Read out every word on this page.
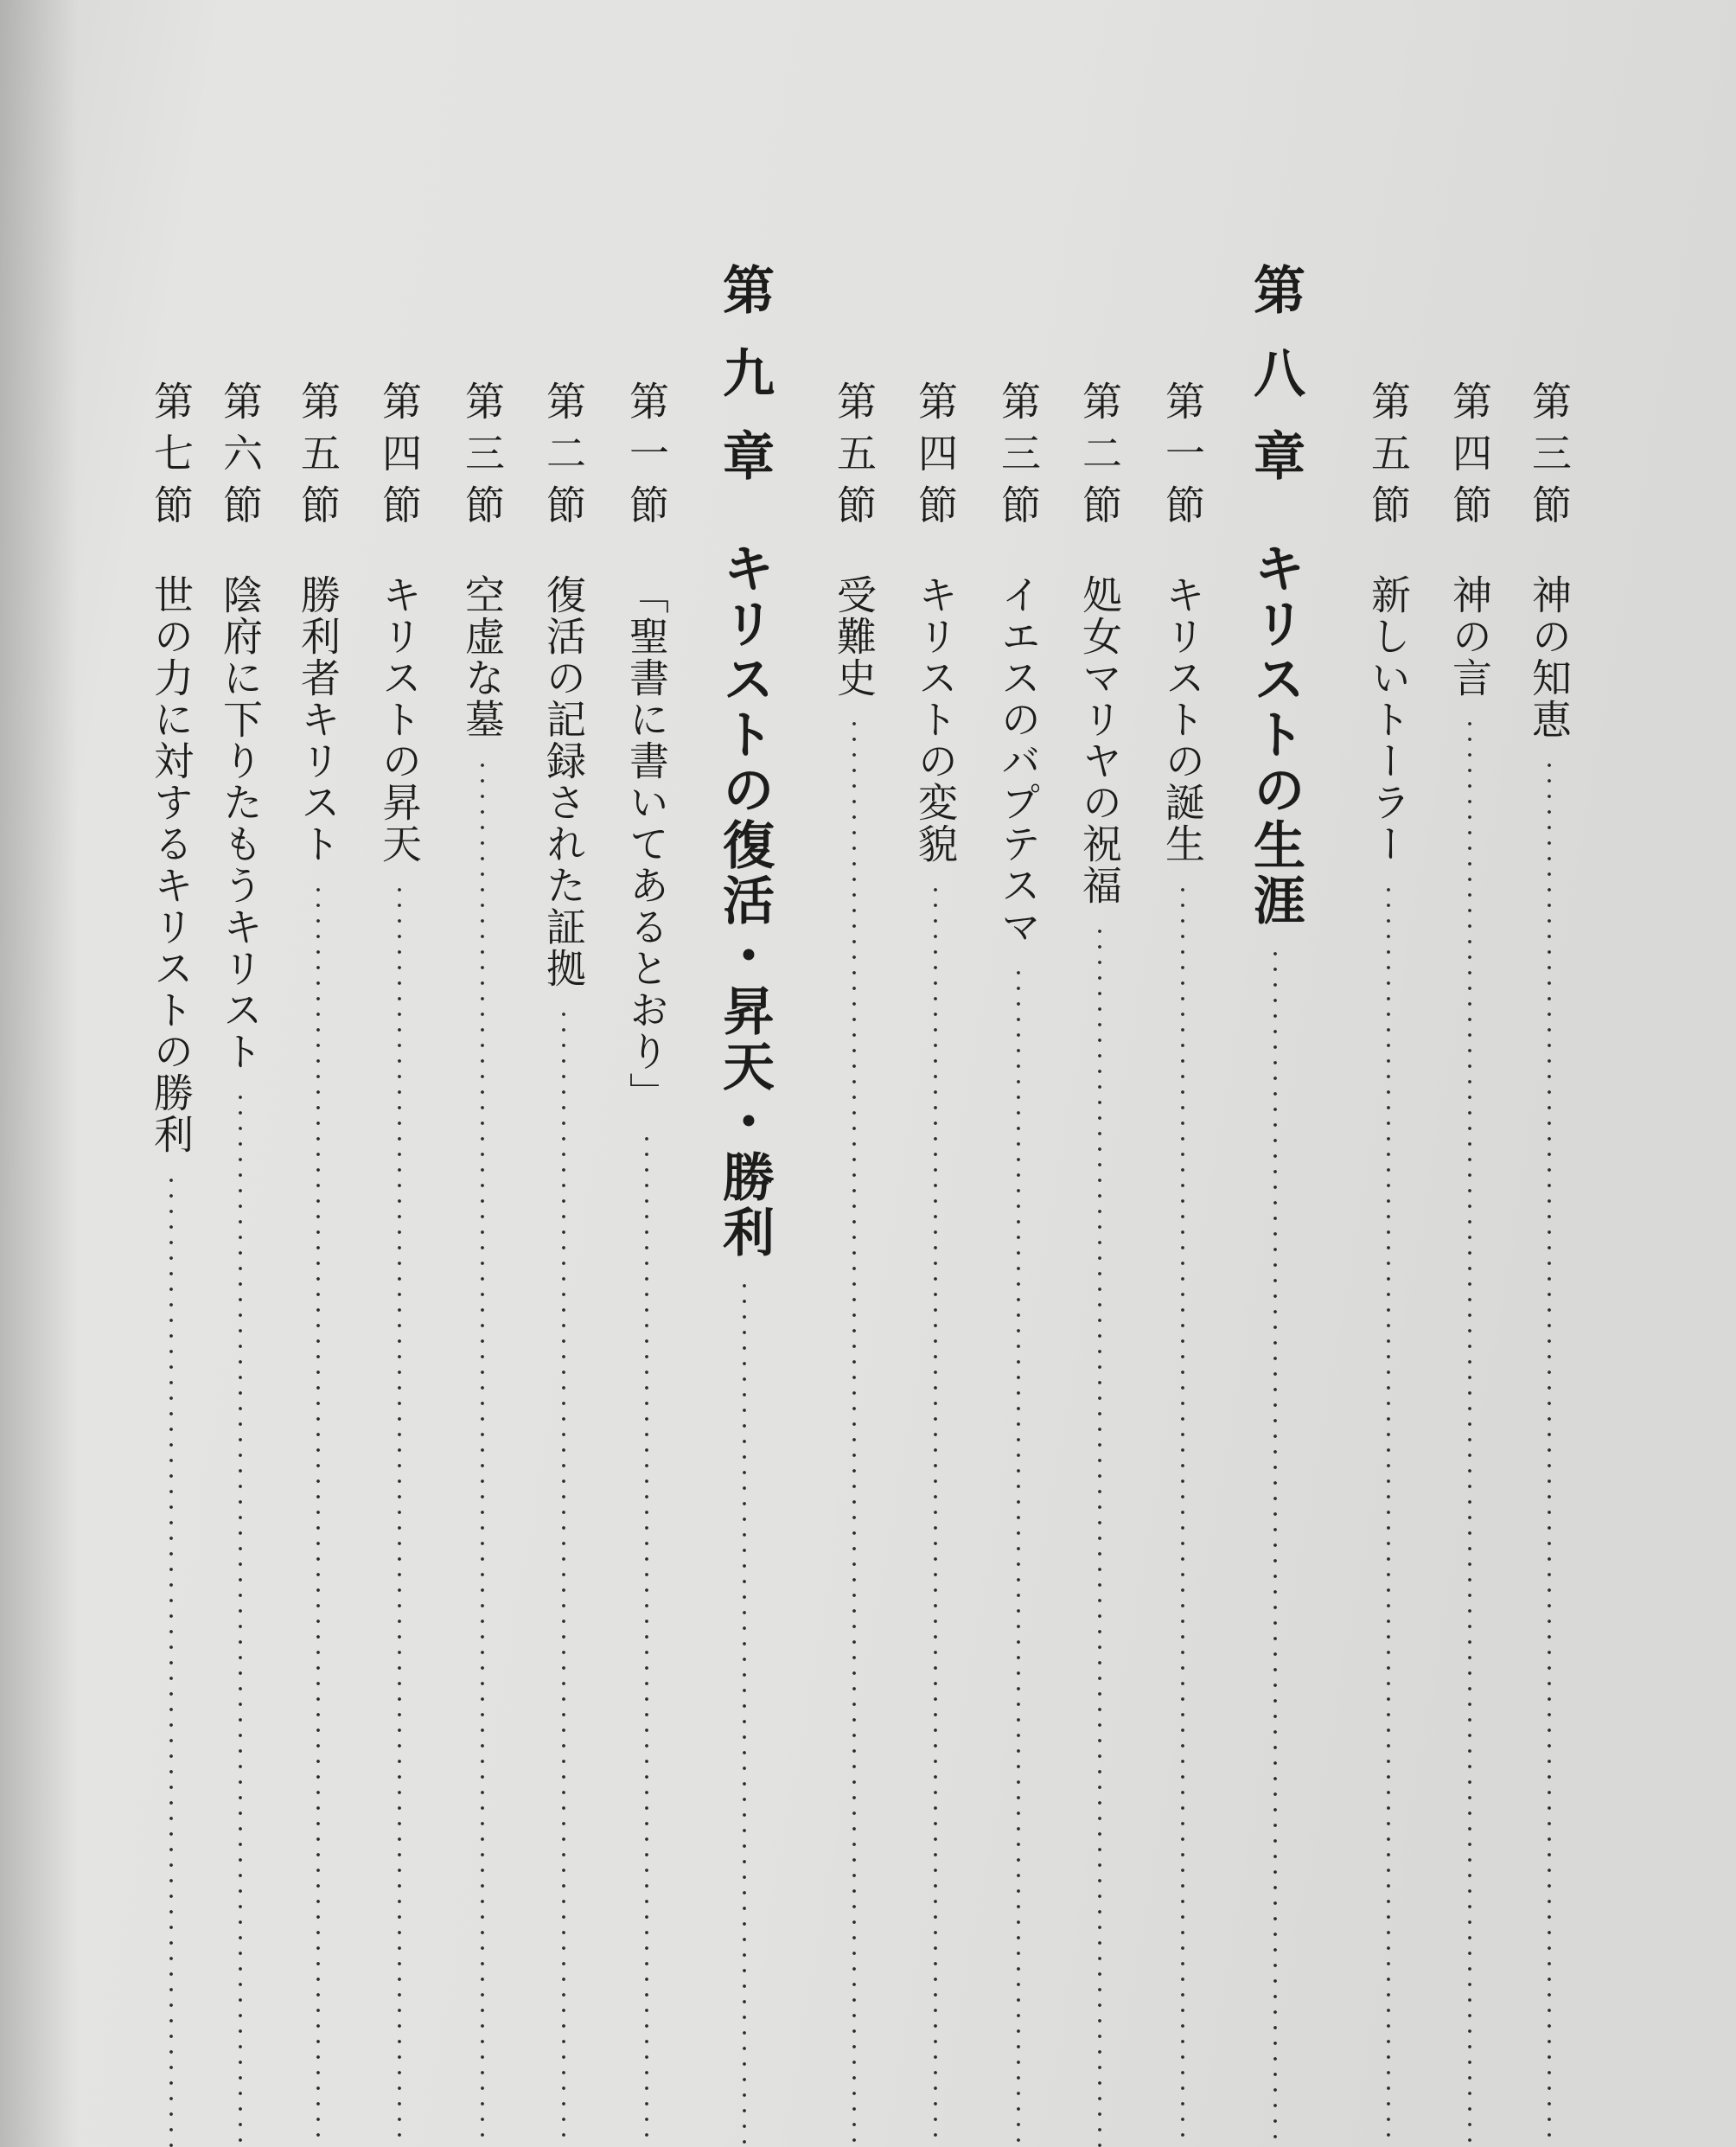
第三節
神の知恵
第四節
神の言
第五節
新しいトーラー
第八章
キリストの生涯
第一節
キリストの誕生
第二節
処女マリヤの祝福
第三節
イエスのバプテスマ
第四節
キリストの変貌
第五節
受難史
第九章
キリストの復活・昇天・勝利
第一節
「聖書に書いてあるとおり」
第二節
復活の記録された証拠
第三節
空虚な墓
第四節
キリストの昇天
第五節
勝利者キリスト
第六節
陰府に下りたもうキリスト
第七節
世の力に対するキリストの勝利
